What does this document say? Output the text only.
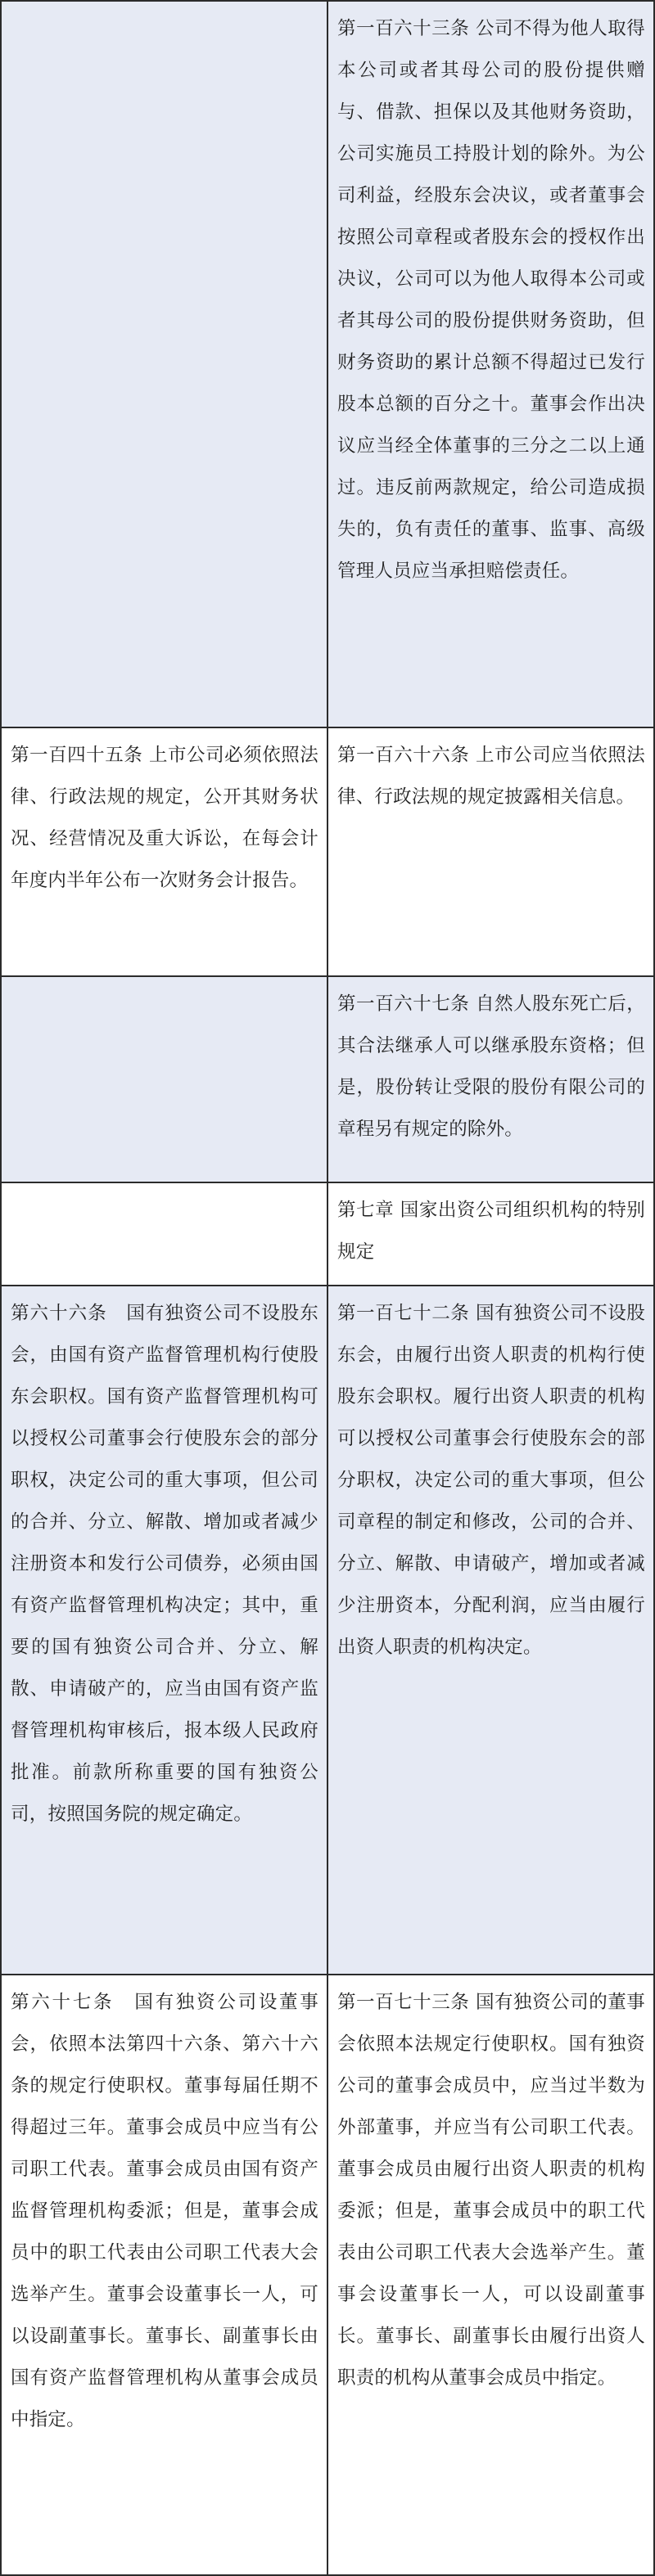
	第一百六十三条 公司不得为他人取得本公司或者其母公司的股份提供赠与、借款、担保以及其他财务资助，公司实施员工持股计划的除外。为公司利益，经股东会决议，或者董事会按照公司章程或者股东会的授权作出决议，公司可以为他人取得本公司或者其母公司的股份提供财务资助，但财务资助的累计总额不得超过已发行股本总额的百分之十。董事会作出决议应当经全体董事的三分之二以上通过。违反前两款规定，给公司造成损失的，负有责任的董事、监事、高级管理人员应当承担赔偿责任。
第一百四十五条 上市公司必须依照法律、行政法规的规定，公开其财务状况、经营情况及重大诉讼，在每会计年度内半年公布一次财务会计报告。	第一百六十六条 上市公司应当依照法律、行政法规的规定披露相关信息。
	第一百六十七条 自然人股东死亡后，其合法继承人可以继承股东资格；但是，股份转让受限的股份有限公司的章程另有规定的除外。
	第七章 国家出资公司组织机构的特别规定
第六十六条　国有独资公司不设股东会，由国有资产监督管理机构行使股东会职权。国有资产监督管理机构可以授权公司董事会行使股东会的部分职权，决定公司的重大事项，但公司的合并、分立、解散、增加或者减少注册资本和发行公司债券，必须由国有资产监督管理机构决定；其中，重要的国有独资公司合并、分立、解散、申请破产的，应当由国有资产监督管理机构审核后，报本级人民政府批准。前款所称重要的国有独资公司，按照国务院的规定确定。	第一百七十二条 国有独资公司不设股东会，由履行出资人职责的机构行使股东会职权。履行出资人职责的机构可以授权公司董事会行使股东会的部分职权，决定公司的重大事项，但公司章程的制定和修改，公司的合并、分立、解散、申请破产，增加或者减少注册资本，分配利润，应当由履行出资人职责的机构决定。
第六十七条　国有独资公司设董事会，依照本法第四十六条、第六十六条的规定行使职权。董事每届任期不得超过三年。董事会成员中应当有公司职工代表。董事会成员由国有资产监督管理机构委派；但是，董事会成员中的职工代表由公司职工代表大会选举产生。董事会设董事长一人，可以设副董事长。董事长、副董事长由国有资产监督管理机构从董事会成员中指定。	第一百七十三条 国有独资公司的董事会依照本法规定行使职权。国有独资公司的董事会成员中，应当过半数为外部董事，并应当有公司职工代表。董事会成员由履行出资人职责的机构委派；但是，董事会成员中的职工代表由公司职工代表大会选举产生。董事会设董事长一人，可以设副董事长。董事长、副董事长由履行出资人职责的机构从董事会成员中指定。
